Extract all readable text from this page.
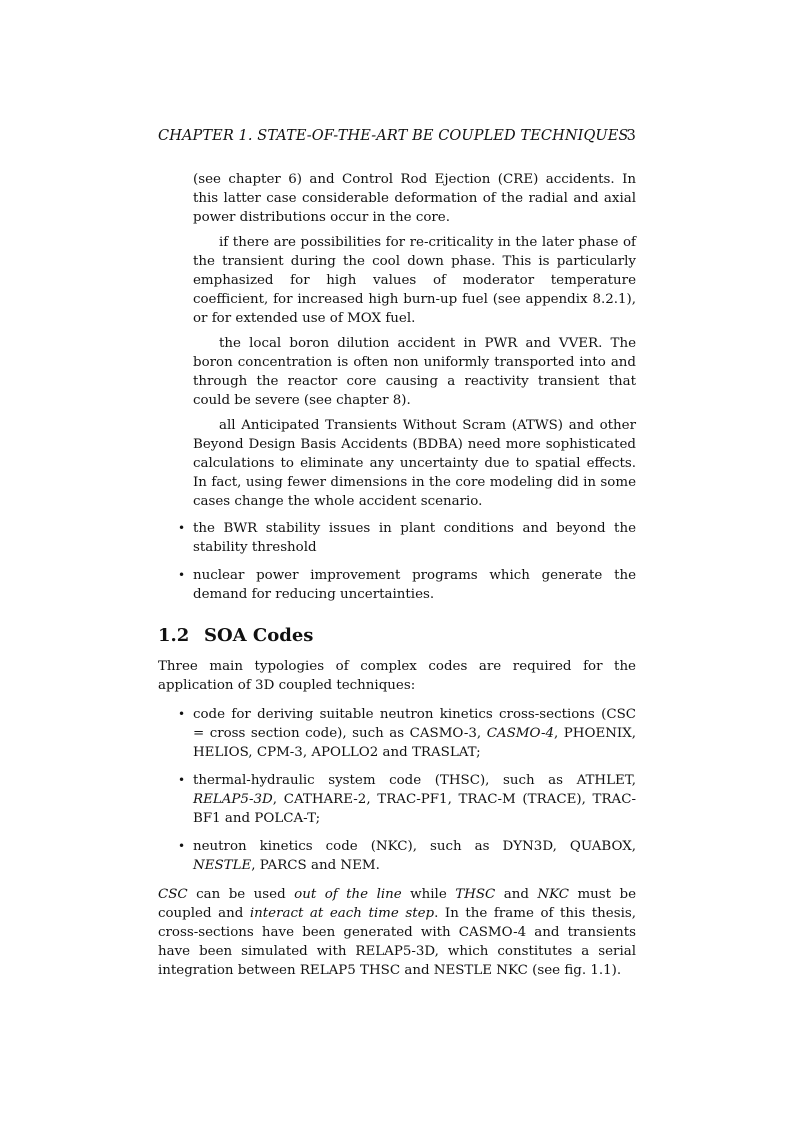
CHAPTER 1. STATE-OF-THE-ART BE COUPLED TECHNIQUES
3

(see chapter 6) and Control Rod Ejection (CRE) accidents. In this latter case considerable deformation of the radial and axial power distributions occur in the core.

if there are possibilities for re-criticality in the later phase of the transient during the cool down phase. This is particularly emphasized for high values of moderator temperature coefficient, for increased high burn-up fuel (see appendix 8.2.1), or for extended use of MOX fuel.

the local boron dilution accident in PWR and VVER. The boron concentration is often non uniformly transported into and through the reactor core causing a reactivity transient that could be severe (see chapter 8).

all Anticipated Transients Without Scram (ATWS) and other Beyond Design Basis Accidents (BDBA) need more sophisticated calculations to eliminate any uncertainty due to spatial effects. In fact, using fewer dimensions in the core modeling did in some cases change the whole accident scenario.

• the BWR stability issues in plant conditions and beyond the stability threshold
• nuclear power improvement programs which generate the demand for reducing uncertainties.
1.2 SOA Codes

Three main typologies of complex codes are required for the application of 3D coupled techniques:

• code for deriving suitable neutron kinetics cross-sections (CSC = cross section code), such as CASMO-3, CASMO-4, PHOENIX, HELIOS, CPM-3, APOLLO2 and TRASLAT;
• thermal-hydraulic system code (THSC), such as ATHLET, RELAP5-3D, CATHARE-2, TRAC-PF1, TRAC-M (TRACE), TRAC-BF1 and POLCA-T;
• neutron kinetics code (NKC), such as DYN3D, QUABOX, NESTLE, PARCS and NEM.

CSC can be used out of the line while THSC and NKC must be coupled and interact at each time step. In the frame of this thesis, cross-sections have been generated with CASMO-4 and transients have been simulated with RELAP5-3D, which constitutes a serial integration between RELAP5 THSC and NESTLE NKC (see fig. 1.1).
